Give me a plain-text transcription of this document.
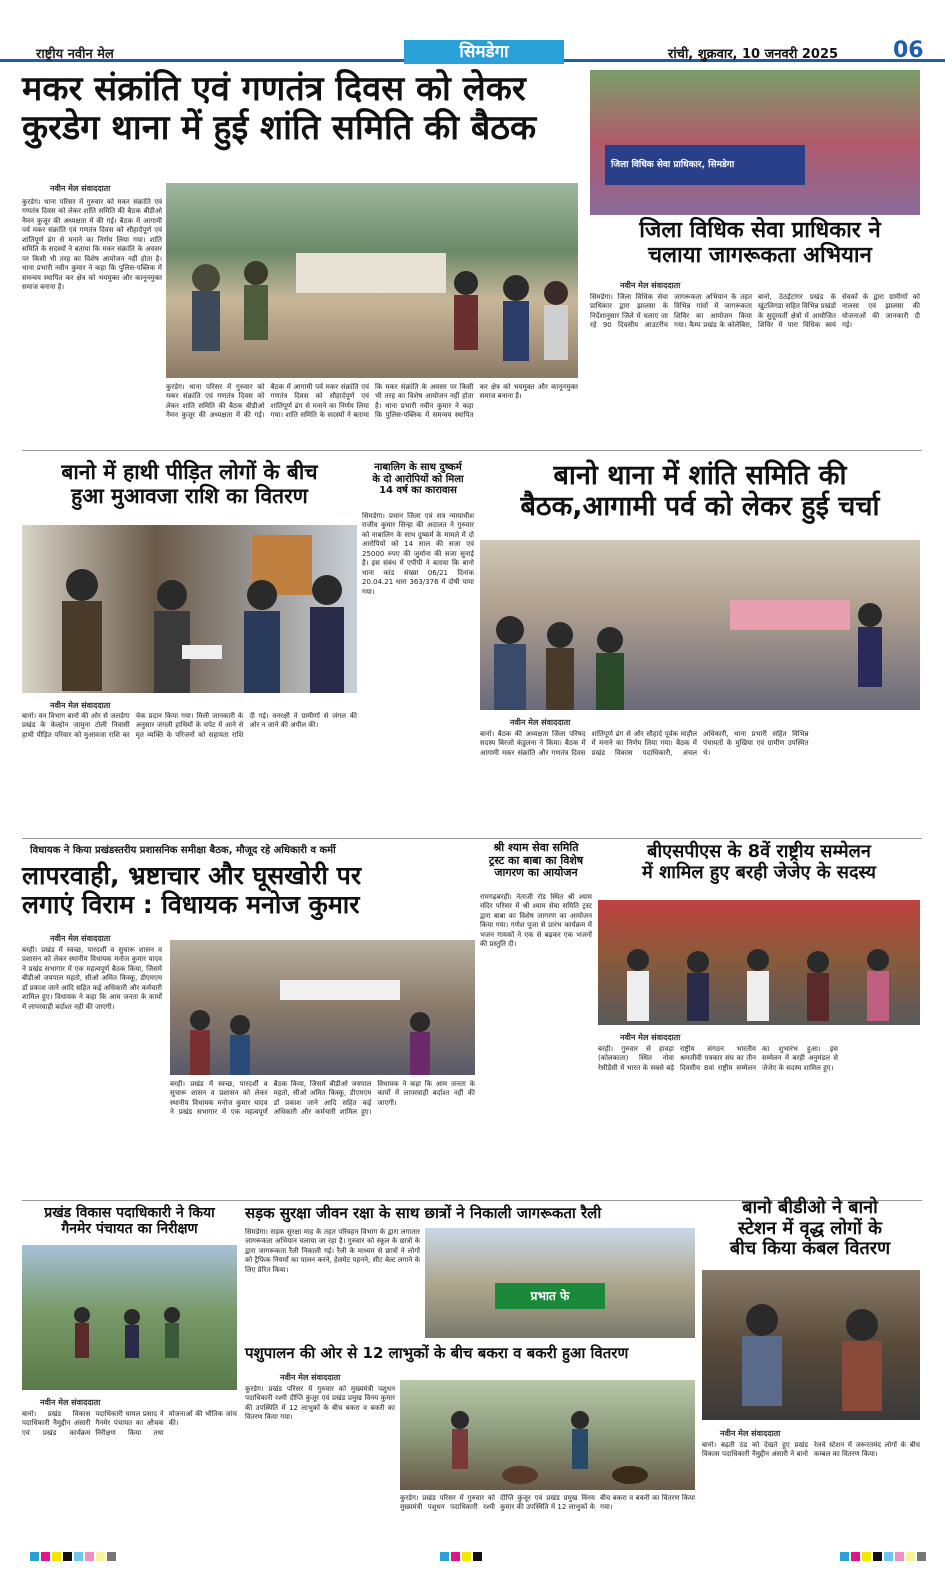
राष्ट्रीय नवीन मेल	सिमडेगा	रांची, शुक्रवार, 10 जनवरी 2025 06
मकर संक्रांति एवं गणतंत्र दिवस को लेकर
कुरडेग थाना में हुई शांति समिति की बैठक
नवीन मेल संवाददाता
कुरडेग। थाना परिसर में गुरुवार को मकर संक्रांति एवं गणतंत्र दिवस को लेकर शांति समिति की बैठक बीडीओ नैमन कुजूर की अध्यक्षता में की गई। बैठक में आगामी पर्व मकर संक्रांति एवं गणतंत्र दिवस को सौहार्दपूर्ण एवं शांतिपूर्ण ढंग से मनाने का निर्णय लिया गया। शांति समिति के सदस्यों ने बताया कि मकर संक्रांति के अवसर पर किसी भी तरह का विशेष आयोजन नहीं होता है। थाना प्रभारी नवीन कुमार ने कहा कि पुलिस-पब्लिक में समन्वय स्थापित कर क्षेत्र को भयमुक्त और कानूनमुक्त समाज बनाना है।
कुरडेग। थाना परिसर में गुरुवार को मकर संक्रांति एवं गणतंत्र दिवस को लेकर शांति समिति की बैठक बीडीओ नैमन कुजूर की अध्यक्षता में की गई। बैठक में आगामी पर्व मकर संक्रांति एवं गणतंत्र दिवस को सौहार्दपूर्ण एवं शांतिपूर्ण ढंग से मनाने का निर्णय लिया गया। शांति समिति के सदस्यों ने बताया कि मकर संक्रांति के अवसर पर किसी भी तरह का विशेष आयोजन नहीं होता है। थाना प्रभारी नवीन कुमार ने कहा कि पुलिस-पब्लिक में समन्वय स्थापित कर क्षेत्र को भयमुक्त और कानूनमुक्त समाज बनाना है।
जिला विधिक सेवा प्राधिकार, सिमडेगा
जिला विधिक सेवा प्राधिकार ने
चलाया जागरूकता अभियान
नवीन मेल संवाददाता
सिमडेगा। जिला विधिक सेवा प्राधिकार द्वारा झालसा के निर्देशानुसार जिले में चलाए जा रहे 90 दिवसीय आउटरीच जागरूकता अभियान के तहत विभिन्न गांवों में जागरूकता शिविर का आयोजन किया गया। कैम्प प्रखंड के कोलेबिरा, बानो, ठेठईटांगर प्रखंड के खुंटलिगडा सहित विभिन्न प्रखंडों के सुदूरवर्ती क्षेत्रों में आयोजित शिविर में पारा विधिक स्वयं सेवकों के द्वारा ग्रामीणों को नालसा एवं झालसा की योजनाओं की जानकारी दी गई।
बानो में हाथी पीड़ित लोगों के बीच
हुआ मुआवजा राशि का वितरण
नवीन मेल संवाददाता
बानो। वन विभाग बानो की ओर से जलडेगा प्रखंड के केल्होन जामुना टोली निवासी हाथी पीड़ित परिवार को मुआवजा राशि का चेक प्रदान किया गया। मिली जानकारी के अनुसार जंगली हाथियों के चपेट में आने से मृत व्यक्ति के परिजनों को सहायता राशि दी गई। वनरक्षी ने ग्रामीणों से जंगल की ओर न जाने की अपील की।
नाबालिग के साथ दुष्कर्म
के दो आरोपियों को मिला
14 वर्ष का कारावास
सिमडेगा। प्रधान जिला एवं सत्र न्यायाधीश राजीव कुमार सिन्हा की अदालत ने गुरुवार को नाबालिग के साथ दुष्कर्म के मामले में दो आरोपियों को 14 साल की सजा एवं 25000 रुपए की जुर्माना की सजा सुनाई है। इस संबंध में एपीपी ने बताया कि बानो थाना कांड संख्या 06/21 दिनांक 20.04.21 धारा 363/376 में दोषी पाया गया।
बानो थाना में शांति समिति की
बैठक,आगामी पर्व को लेकर हुई चर्चा
नवीन मेल संवाददाता
बानो। बैठक की अध्यक्षता जिला परिषद सदस्य बिरजो कंडुलना ने किया। बैठक में आगामी मकर संक्रांति और गणतंत्र दिवस शांतिपूर्ण ढंग से और सौहार्द पूर्वक माहौल में मनाने का निर्णय लिया गया। बैठक में प्रखंड विकास पदाधिकारी, अंचल अधिकारी, थाना प्रभारी सहित विभिन्न पंचायतों के मुखिया एवं ग्रामीण उपस्थित थे।
विधायक ने किया प्रखंडस्तरीय प्रशासनिक समीक्षा बैठक, मौजूद रहे अधिकारी व कर्मी
लापरवाही, भ्रष्टाचार और घूसखोरी पर
लगाएं विराम : विधायक मनोज कुमार
नवीन मेल संवाददाता
बरही। प्रखंड में स्वच्छ, पारदर्शी व सुचारू शासन व प्रशासन को लेकर स्थानीय विधायक मनोज कुमार यादव ने प्रखंड सभागार में एक महत्वपूर्ण बैठक किया, जिसमें बीडीओ जयपाल महतो, सीओ अमित किस्कू, डीएमएम डॉ प्रकाश जाने आदि सहित कई अधिकारी और कर्मचारी शामिल हुए। विधायक ने कहा कि आम जनता के कार्यों में लापरवाही बर्दाश्त नहीं की जाएगी।
बरही। प्रखंड में स्वच्छ, पारदर्शी व सुचारू शासन व प्रशासन को लेकर स्थानीय विधायक मनोज कुमार यादव ने प्रखंड सभागार में एक महत्वपूर्ण बैठक किया, जिसमें बीडीओ जयपाल महतो, सीओ अमित किस्कू, डीएमएम डॉ प्रकाश जाने आदि सहित कई अधिकारी और कर्मचारी शामिल हुए। विधायक ने कहा कि आम जनता के कार्यों में लापरवाही बर्दाश्त नहीं की जाएगी।
श्री श्याम सेवा समिति
ट्रस्ट का बाबा का विशेष
जागरण का आयोजन
रामगढ़बरही। नेताजी रोड स्थित श्री श्याम मंदिर परिसर में श्री श्याम सेवा समिति ट्रस्ट द्वारा बाबा का विशेष जागरण का आयोजन किया गया। गणेश पूजा से प्रारंभ कार्यक्रम में भजन गायकों ने एक से बढ़कर एक भजनों की प्रस्तुति दी।
बीएसपीएस के 8वें राष्ट्रीय सम्मेलन
में शामिल हुए बरही जेजेए के सदस्य
नवीन मेल संवाददाता
बरही। गुरुवार से हावड़ा (कोलकाता) स्थित नोवा रेसीडेंसी में भारत के सबसे बड़े राष्ट्रीय संगठन भारतीय श्रमजीवी पत्रकार संघ का तीन दिवसीय 8वां राष्ट्रीय सम्मेलन का शुभारंभ हुआ। इस सम्मेलन में बरही अनुमंडल से जेजेए के सदस्य शामिल हुए।
प्रखंड विकास पदाधिकारी ने किया
गैनमेर पंचायत का निरीक्षण
नवीन मेल संवाददाता
बानो। प्रखंड विकास पदाधिकारी नैमुद्दीन अंसारी एवं प्रखंड कार्यक्रम पदाधिकारी घायल प्रसाद ने गैनमेर पंचायत का औचक निरीक्षण किया तथा योजनाओं की भौतिक जांच की।
सड़क सुरक्षा जीवन रक्षा के साथ छात्रों ने निकाली जागरूकता रैली
सिमडेगा। सड़क सुरक्षा माह के तहत परिवहन विभाग के द्वारा लगातार जागरूकता अभियान चलाया जा रहा है। गुरुवार को स्कूल के छात्रों के द्वारा जागरूकता रैली निकाली गई। रैली के माध्यम से छात्रों ने लोगों को ट्रैफिक नियमों का पालन करने, हेलमेट पहनने, सीट बेल्ट लगाने के लिए प्रेरित किया।
प्रभात फे
पशुपालन की ओर से 12 लाभुकों के बीच बकरा व बकरी हुआ वितरण
नवीन मेल संवाददाता
कुरडेग। प्रखंड परिसर में गुरुवार को मुख्यमंत्री पशुधन पदाधिकारी रश्मी दीप्ति कुंजूर एवं प्रखंड प्रमुख विनय कुमार की उपस्थिति में 12 लाभुकों के बीच बकरा व बकरी का वितरण किया गया।
कुरडेग। प्रखंड परिसर में गुरुवार को मुख्यमंत्री पशुधन पदाधिकारी रश्मी दीप्ति कुंजूर एवं प्रखंड प्रमुख विनय कुमार की उपस्थिति में 12 लाभुकों के बीच बकरा व बकरी का वितरण किया गया।
बानो बीडीओ ने बानो
स्टेशन में वृद्ध लोगों के
बीच किया कंबल वितरण
नवीन मेल संवाददाता
बानो। बढ़ती ठंड को देखते हुए प्रखंड विकास पदाधिकारी नैमुद्दीन अंसारी ने बानो रेलवे स्टेशन में जरूरतमंद लोगों के बीच कम्बल का वितरण किया।
